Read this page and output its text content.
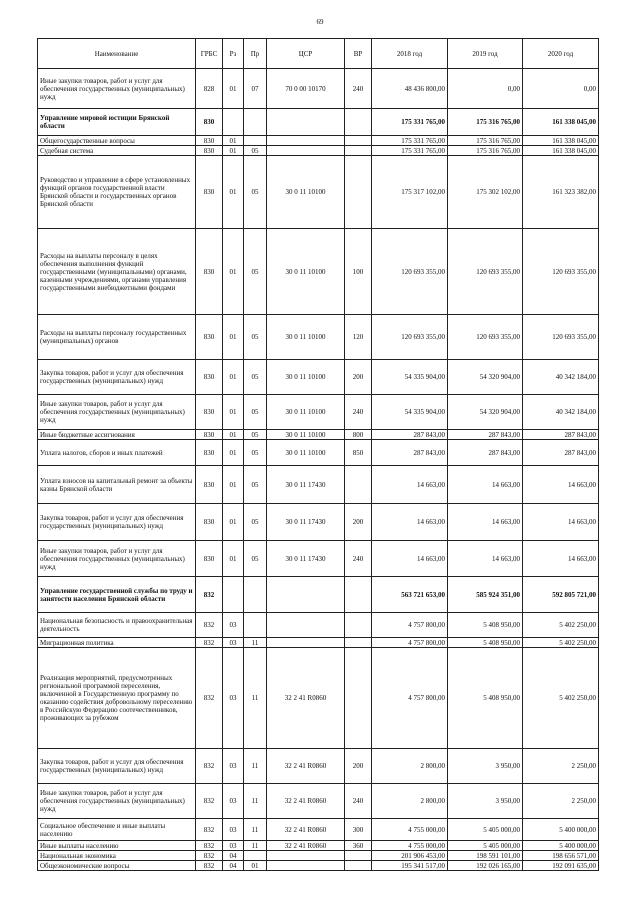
69
Наименование	ГРБС	Рз	Пр	ЦСР	ВР	2018 год	2019 год	2020 год
Иные закупки товаров, работ и услуг для обеспечения государственных (муниципальных) нужд	828	01	07	70 0 00 10170	240	48 436 800,00	0,00	0,00
Управление мировой юстиции Брянской области	830					175 331 765,00	175 316 765,00	161 338 045,00
Общегосударственные вопросы	830	01				175 331 765,00	175 316 765,00	161 338 045,00
Судебная система	830	01	05			175 331 765,00	175 316 765,00	161 338 045,00
Руководство и управление в сфере установленных функций органов государственной власти Брянской области и государственных органов Брянской области	830	01	05	30 0 11 10100		175 317 102,00	175 302 102,00	161 323 382,00
Расходы на выплаты персоналу в целях обеспечения выполнения функций государственными (муниципальными) органами, казенными учреждениями, органами управления государственными внебюджетными фондами	830	01	05	30 0 11 10100	100	120 693 355,00	120 693 355,00	120 693 355,00
Расходы на выплаты персоналу государственных (муниципальных) органов	830	01	05	30 0 11 10100	120	120 693 355,00	120 693 355,00	120 693 355,00
Закупка товаров, работ и услуг для обеспечения государственных (муниципальных) нужд	830	01	05	30 0 11 10100	200	54 335 904,00	54 320 904,00	40 342 184,00
Иные закупки товаров, работ и услуг для обеспечения государственных (муниципальных) нужд	830	01	05	30 0 11 10100	240	54 335 904,00	54 320 904,00	40 342 184,00
Иные бюджетные ассигнования	830	01	05	30 0 11 10100	800	287 843,00	287 843,00	287 843,00
Уплата налогов, сборов и иных платежей	830	01	05	30 0 11 10100	850	287 843,00	287 843,00	287 843,00
Уплата взносов на капитальный ремонт за объекты казны Брянской области	830	01	05	30 0 11 17430		14 663,00	14 663,00	14 663,00
Закупка товаров, работ и услуг для обеспечения государственных (муниципальных) нужд	830	01	05	30 0 11 17430	200	14 663,00	14 663,00	14 663,00
Иные закупки товаров, работ и услуг для обеспечения государственных (муниципальных) нужд	830	01	05	30 0 11 17430	240	14 663,00	14 663,00	14 663,00
Управление государственной службы по труду и занятости населения Брянской области	832					563 721 653,00	585 924 351,00	592 805 721,00
Национальная безопасность и правоохранительная деятельность	832	03				4 757 800,00	5 408 950,00	5 402 250,00
Миграционная политика	832	03	11			4 757 800,00	5 408 950,00	5 402 250,00
Реализация мероприятий, предусмотренных региональной программой переселения, включенной в Государственную программу по оказанию содействия добровольному переселению в Российскую Федерацию соотечественников, проживающих за рубежом	832	03	11	32 2 41 R0860		4 757 800,00	5 408 950,00	5 402 250,00
Закупка товаров, работ и услуг для обеспечения государственных (муниципальных) нужд	832	03	11	32 2 41 R0860	200	2 800,00	3 950,00	2 250,00
Иные закупки товаров, работ и услуг для обеспечения государственных (муниципальных) нужд	832	03	11	32 2 41 R0860	240	2 800,00	3 950,00	2 250,00
Социальное обеспечение и иные выплаты населению	832	03	11	32 2 41 R0860	300	4 755 000,00	5 405 000,00	5 400 000,00
Иные выплаты населению	832	03	11	32 2 41 R0860	360	4 755 000,00	5 405 000,00	5 400 000,00
Национальная экономика	832	04				201 906 453,00	198 591 101,00	198 656 571,00
Общеэкономические вопросы	832	04	01			195 341 517,00	192 026 165,00	192 091 635,00
